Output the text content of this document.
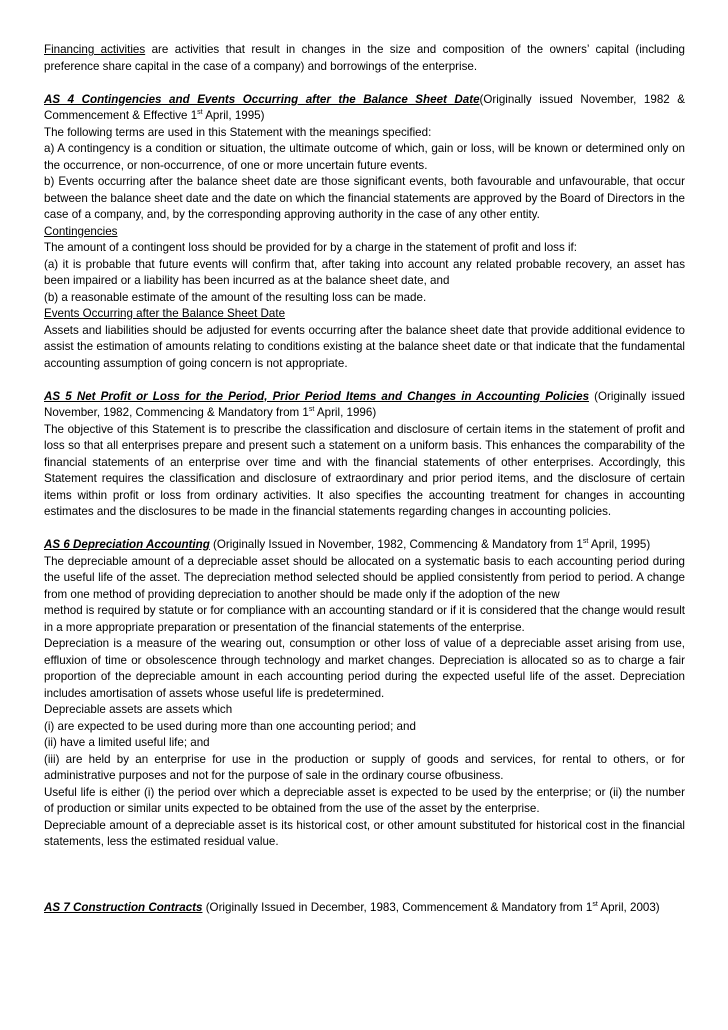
Financing activities are activities that result in changes in the size and composition of the owners’ capital (including preference share capital in the case of a company) and borrowings of the enterprise.

AS 4 Contingencies and Events Occurring after the Balance Sheet Date(Originally issued November, 1982 & Commencement & Effective 1st April, 1995)

The following terms are used in this Statement with the meanings specified:

a) A contingency is a condition or situation, the ultimate outcome of which, gain or loss, will be known or determined only on the occurrence, or non-occurrence, of one or more uncertain future events.

b) Events occurring after the balance sheet date are those significant events, both favourable and unfavourable, that occur between the balance sheet date and the date on which the financial statements are approved by the Board of Directors in the case of a company, and, by the corresponding approving authority in the case of any other entity.

Contingencies

The amount of a contingent loss should be provided for by a charge in the statement of profit and loss if:

(a) it is probable that future events will confirm that, after taking into account any related probable recovery, an asset has been impaired or a liability has been incurred as at the balance sheet date, and

(b) a reasonable estimate of the amount of the resulting loss can be made.

Events Occurring after the Balance Sheet Date

Assets and liabilities should be adjusted for events occurring after the balance sheet date that provide additional evidence to assist the estimation of amounts relating to conditions existing at the balance sheet date or that indicate that the fundamental accounting assumption of going concern is not appropriate.

AS 5 Net Profit or Loss for the Period, Prior Period Items and Changes in Accounting Policies (Originally issued November, 1982, Commencing & Mandatory from 1st April, 1996)

The objective of this Statement is to prescribe the classification and disclosure of certain items in the statement of profit and loss so that all enterprises prepare and present such a statement on a uniform basis. This enhances the comparability of the financial statements of an enterprise over time and with the financial statements of other enterprises. Accordingly, this Statement requires the classification and disclosure of extraordinary and prior period items, and the disclosure of certain items within profit or loss from ordinary activities. It also specifies the accounting treatment for changes in accounting estimates and the disclosures to be made in the financial statements regarding changes in accounting policies.

AS 6 Depreciation Accounting (Originally Issued in November, 1982, Commencing & Mandatory from 1st April, 1995)

The depreciable amount of a depreciable asset should be allocated on a systematic basis to each accounting period during the useful life of the asset. The depreciation method selected should be applied consistently from period to period. A change from one method of providing depreciation to another should be made only if the adoption of the new

method is required by statute or for compliance with an accounting standard or if it is considered that the change would result in a more appropriate preparation or presentation of the financial statements of the enterprise.

Depreciation is a measure of the wearing out, consumption or other loss of value of a depreciable asset arising from use, effluxion of time or obsolescence through technology and market changes. Depreciation is allocated so as to charge a fair proportion of the depreciable amount in each accounting period during the expected useful life of the asset. Depreciation includes amortisation of assets whose useful life is predetermined.

Depreciable assets are assets which

(i) are expected to be used during more than one accounting period; and

(ii) have a limited useful life; and

(iii) are held by an enterprise for use in the production or supply of goods and services, for rental to others, or for administrative purposes and not for the purpose of sale in the ordinary course ofbusiness.

Useful life is either (i) the period over which a depreciable asset is expected to be used by the enterprise; or (ii) the number of production or similar units expected to be obtained from the use of the asset by the enterprise.

Depreciable amount of a depreciable asset is its historical cost, or other amount substituted for historical cost in the financial statements, less the estimated residual value.

AS 7 Construction Contracts (Originally Issued in December, 1983, Commencement & Mandatory from 1st April, 2003)
